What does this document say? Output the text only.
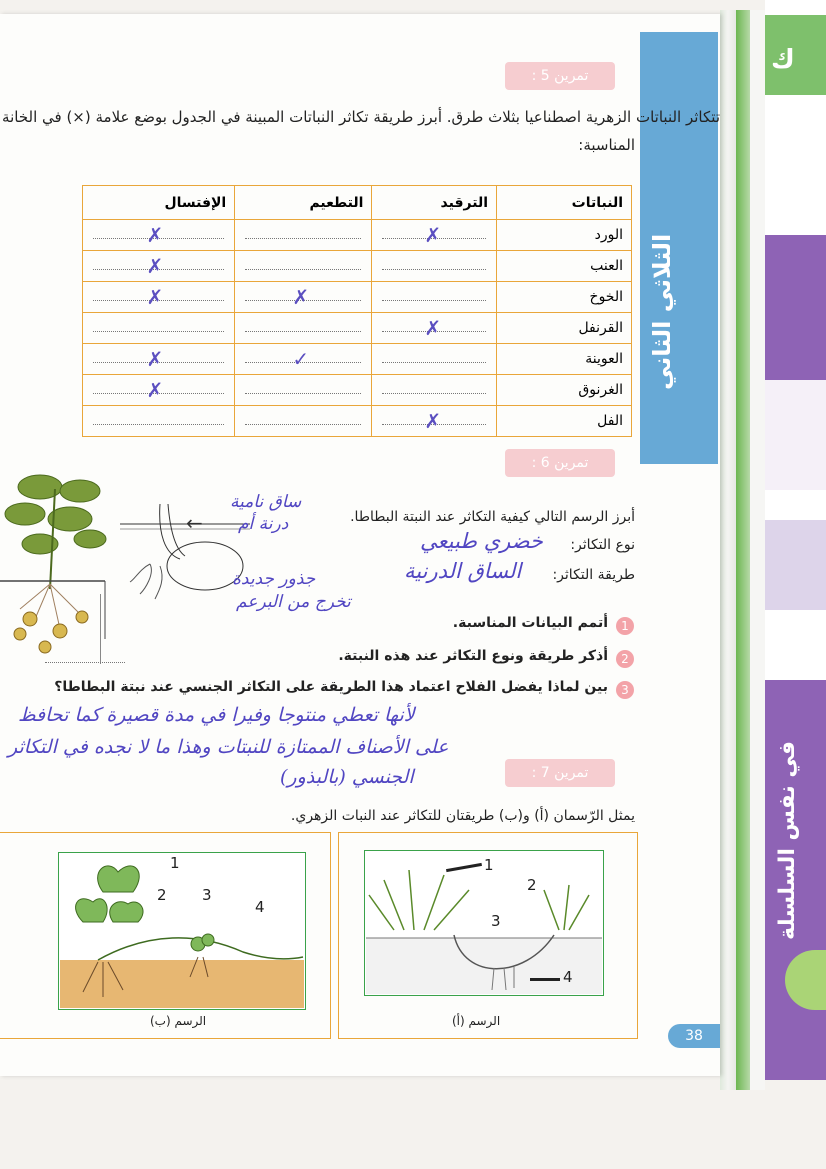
ك
في نفس السلسلة
الثلاثي الثاني
تمرين 5 :
تتكاثر النباتات الزهرية اصطناعيا بثلاث طرق. أبرز طريقة تكاثر النباتات المبينة في الجدول بوضع علامة (×) في الخانة
المناسبة:
النباتات	الترقيد	التطعيم	الإفتسال
الورد	✗		✗

العنب			✗

الخوخ		✗	✗

القرنفل	✗		

العوينة		✓	✗

الغرنوق			✗

الفل	✗		

تمرين 6 :
←
ساق نامية
درنة أم
جذور جديدة
تخرج من البرعم
أبرز الرسم التالي كيفية التكاثر عند النبتة البطاطا.
نوع التكاثر:
خضري طبيعي
طريقة التكاثر:
الساق الدرنية
1
أتمم البيانات المناسبة.
2
أذكر طريقة ونوع التكاثر عند هذه النبتة.
3
بين لماذا يفضل الفلاح اعتماد هذا الطريقة على التكاثر الجنسي عند نبتة البطاطا؟
لأنها تعطي منتوجا وفيرا في مدة قصيرة كما تحافظ
على الأصناف الممتازة للنبتات وهذا ما لا نجده في التكاثر
الجنسي (بالبذور)	تمرين 7 :
يمثل الرّسمان (أ) و(ب) طريقتان للتكاثر عند النبات الزهري.
1
2
3
4
الرسم (أ)
1
2 3
4
الرسم (ب)
38
